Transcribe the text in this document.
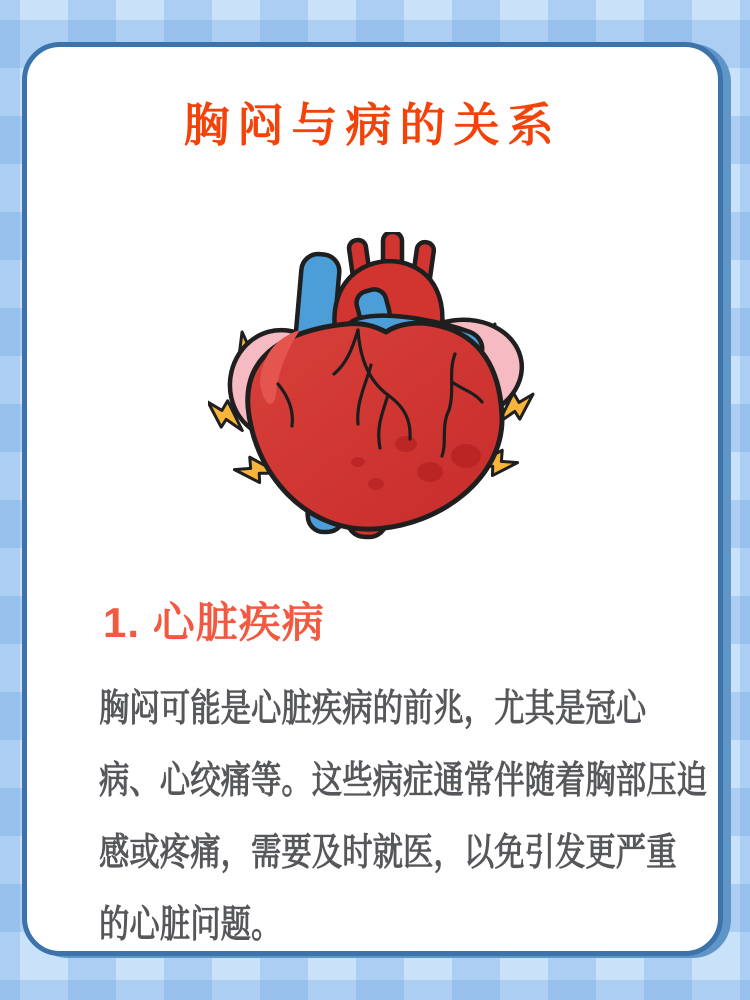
胸闷与病的关系
1. 心脏疾病
胸闷可能是心脏疾病的前兆，尤其是冠心
病、心绞痛等。这些病症通常伴随着胸部压迫
感或疼痛，需要及时就医，以免引发更严重
的心脏问题。
